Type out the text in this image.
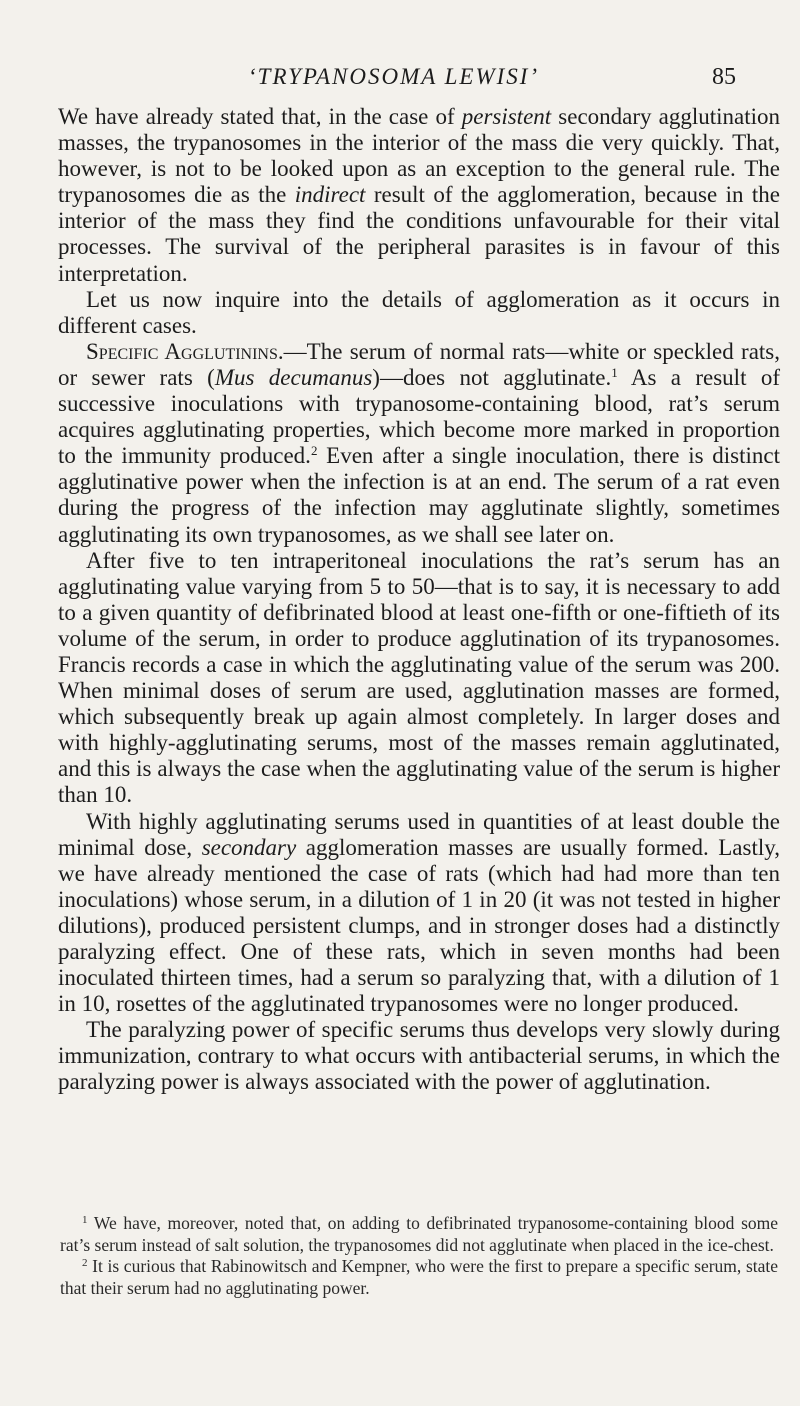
‘TRYPANOSOMA LEWISI’	85

We have already stated that, in the case of persistent secondary agglutination masses, the trypanosomes in the interior of the mass die very quickly. That, however, is not to be looked upon as an exception to the general rule. The trypanosomes die as the indirect result of the agglomeration, because in the interior of the mass they find the conditions unfavourable for their vital processes. The survival of the peripheral parasites is in favour of this interpretation.

Let us now inquire into the details of agglomeration as it occurs in different cases.

Specific Agglutinins.—The serum of normal rats—white or speckled rats, or sewer rats (Mus decumanus)—does not agglutinate.$^1$ As a result of successive inoculations with trypanosome-containing blood, rat’s serum acquires agglutinating properties, which become more marked in proportion to the immunity produced.$^2$ Even after a single inoculation, there is distinct agglutinative power when the infection is at an end. The serum of a rat even during the progress of the infection may agglutinate slightly, sometimes agglutinating its own trypanosomes, as we shall see later on.

After five to ten intraperitoneal inoculations the rat’s serum has an agglutinating value varying from 5 to 50—that is to say, it is necessary to add to a given quantity of defibrinated blood at least one-fifth or one-fiftieth of its volume of the serum, in order to produce agglutination of its trypanosomes. Francis records a case in which the agglutinating value of the serum was 200. When minimal doses of serum are used, agglutination masses are formed, which subsequently break up again almost completely. In larger doses and with highly-agglutinating serums, most of the masses remain agglutinated, and this is always the case when the agglutinating value of the serum is higher than 10.

With highly agglutinating serums used in quantities of at least double the minimal dose, secondary agglomeration masses are usually formed. Lastly, we have already mentioned the case of rats (which had had more than ten inoculations) whose serum, in a dilution of 1 in 20 (it was not tested in higher dilutions), produced persistent clumps, and in stronger doses had a distinctly paralyzing effect. One of these rats, which in seven months had been inoculated thirteen times, had a serum so paralyzing that, with a dilution of 1 in 10, rosettes of the agglutinated trypanosomes were no longer produced.

The paralyzing power of specific serums thus develops very slowly during immunization, contrary to what occurs with antibacterial serums, in which the paralyzing power is always associated with the power of agglutination.

$^1$ We have, moreover, noted that, on adding to defibrinated trypanosome-containing blood some rat’s serum instead of salt solution, the trypanosomes did not agglutinate when placed in the ice-chest.

$^2$ It is curious that Rabinowitsch and Kempner, who were the first to prepare a specific serum, state that their serum had no agglutinating power.
